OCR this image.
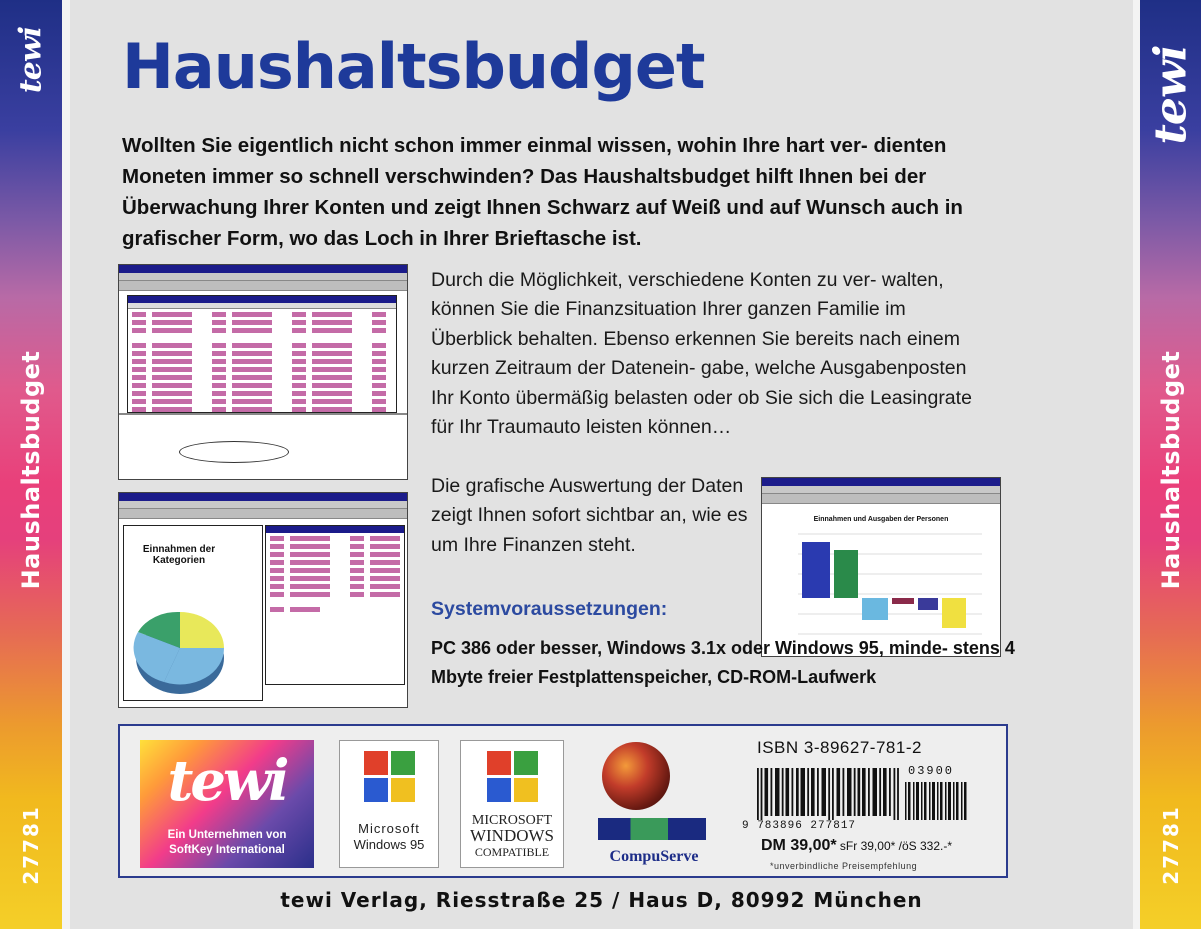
tewi
Haushaltsbudget
27781
tewi
Haushaltsbudget
27781
Haushaltsbudget
Wollten Sie eigentlich nicht schon immer einmal wissen, wohin Ihre hart ver- dienten Moneten immer so schnell verschwinden? Das Haushaltsbudget hilft Ihnen bei der Überwachung Ihrer Konten und zeigt Ihnen Schwarz auf Weiß und auf Wunsch auch in grafischer Form, wo das Loch in Ihrer Brieftasche ist.
Einnahmen der Kategorien
Einnahmen und Ausgaben der Personen
Durch die Möglichkeit, verschiedene Konten zu ver- walten, können Sie die Finanzsituation Ihrer ganzen Familie im Überblick behalten. Ebenso erkennen Sie bereits nach einem kurzen Zeitraum der Datenein- gabe, welche Ausgabenposten Ihr Konto übermäßig belasten oder ob Sie sich die Leasingrate für Ihr Traumauto leisten können…
Die grafische Auswertung der Daten zeigt Ihnen sofort sichtbar an, wie es um Ihre Finanzen steht.
Systemvoraussetzungen:
PC 386 oder besser, Windows 3.1x oder Windows 95, minde- stens 4 Mbyte freier Festplattenspeicher, CD-ROM-Laufwerk
tewi
Ein Unternehmen von
SoftKey International
Microsoft
Windows 95
MICROSOFT
WINDOWS
COMPATIBLE	CompuServe
ISBN 3-89627-781-2
03900
9 783896 277817
DM 39,00* sFr 39,00* /öS 332.-*
*unverbindliche Preisempfehlung
tewi Verlag, Riesstraße 25 / Haus D, 80992 München
